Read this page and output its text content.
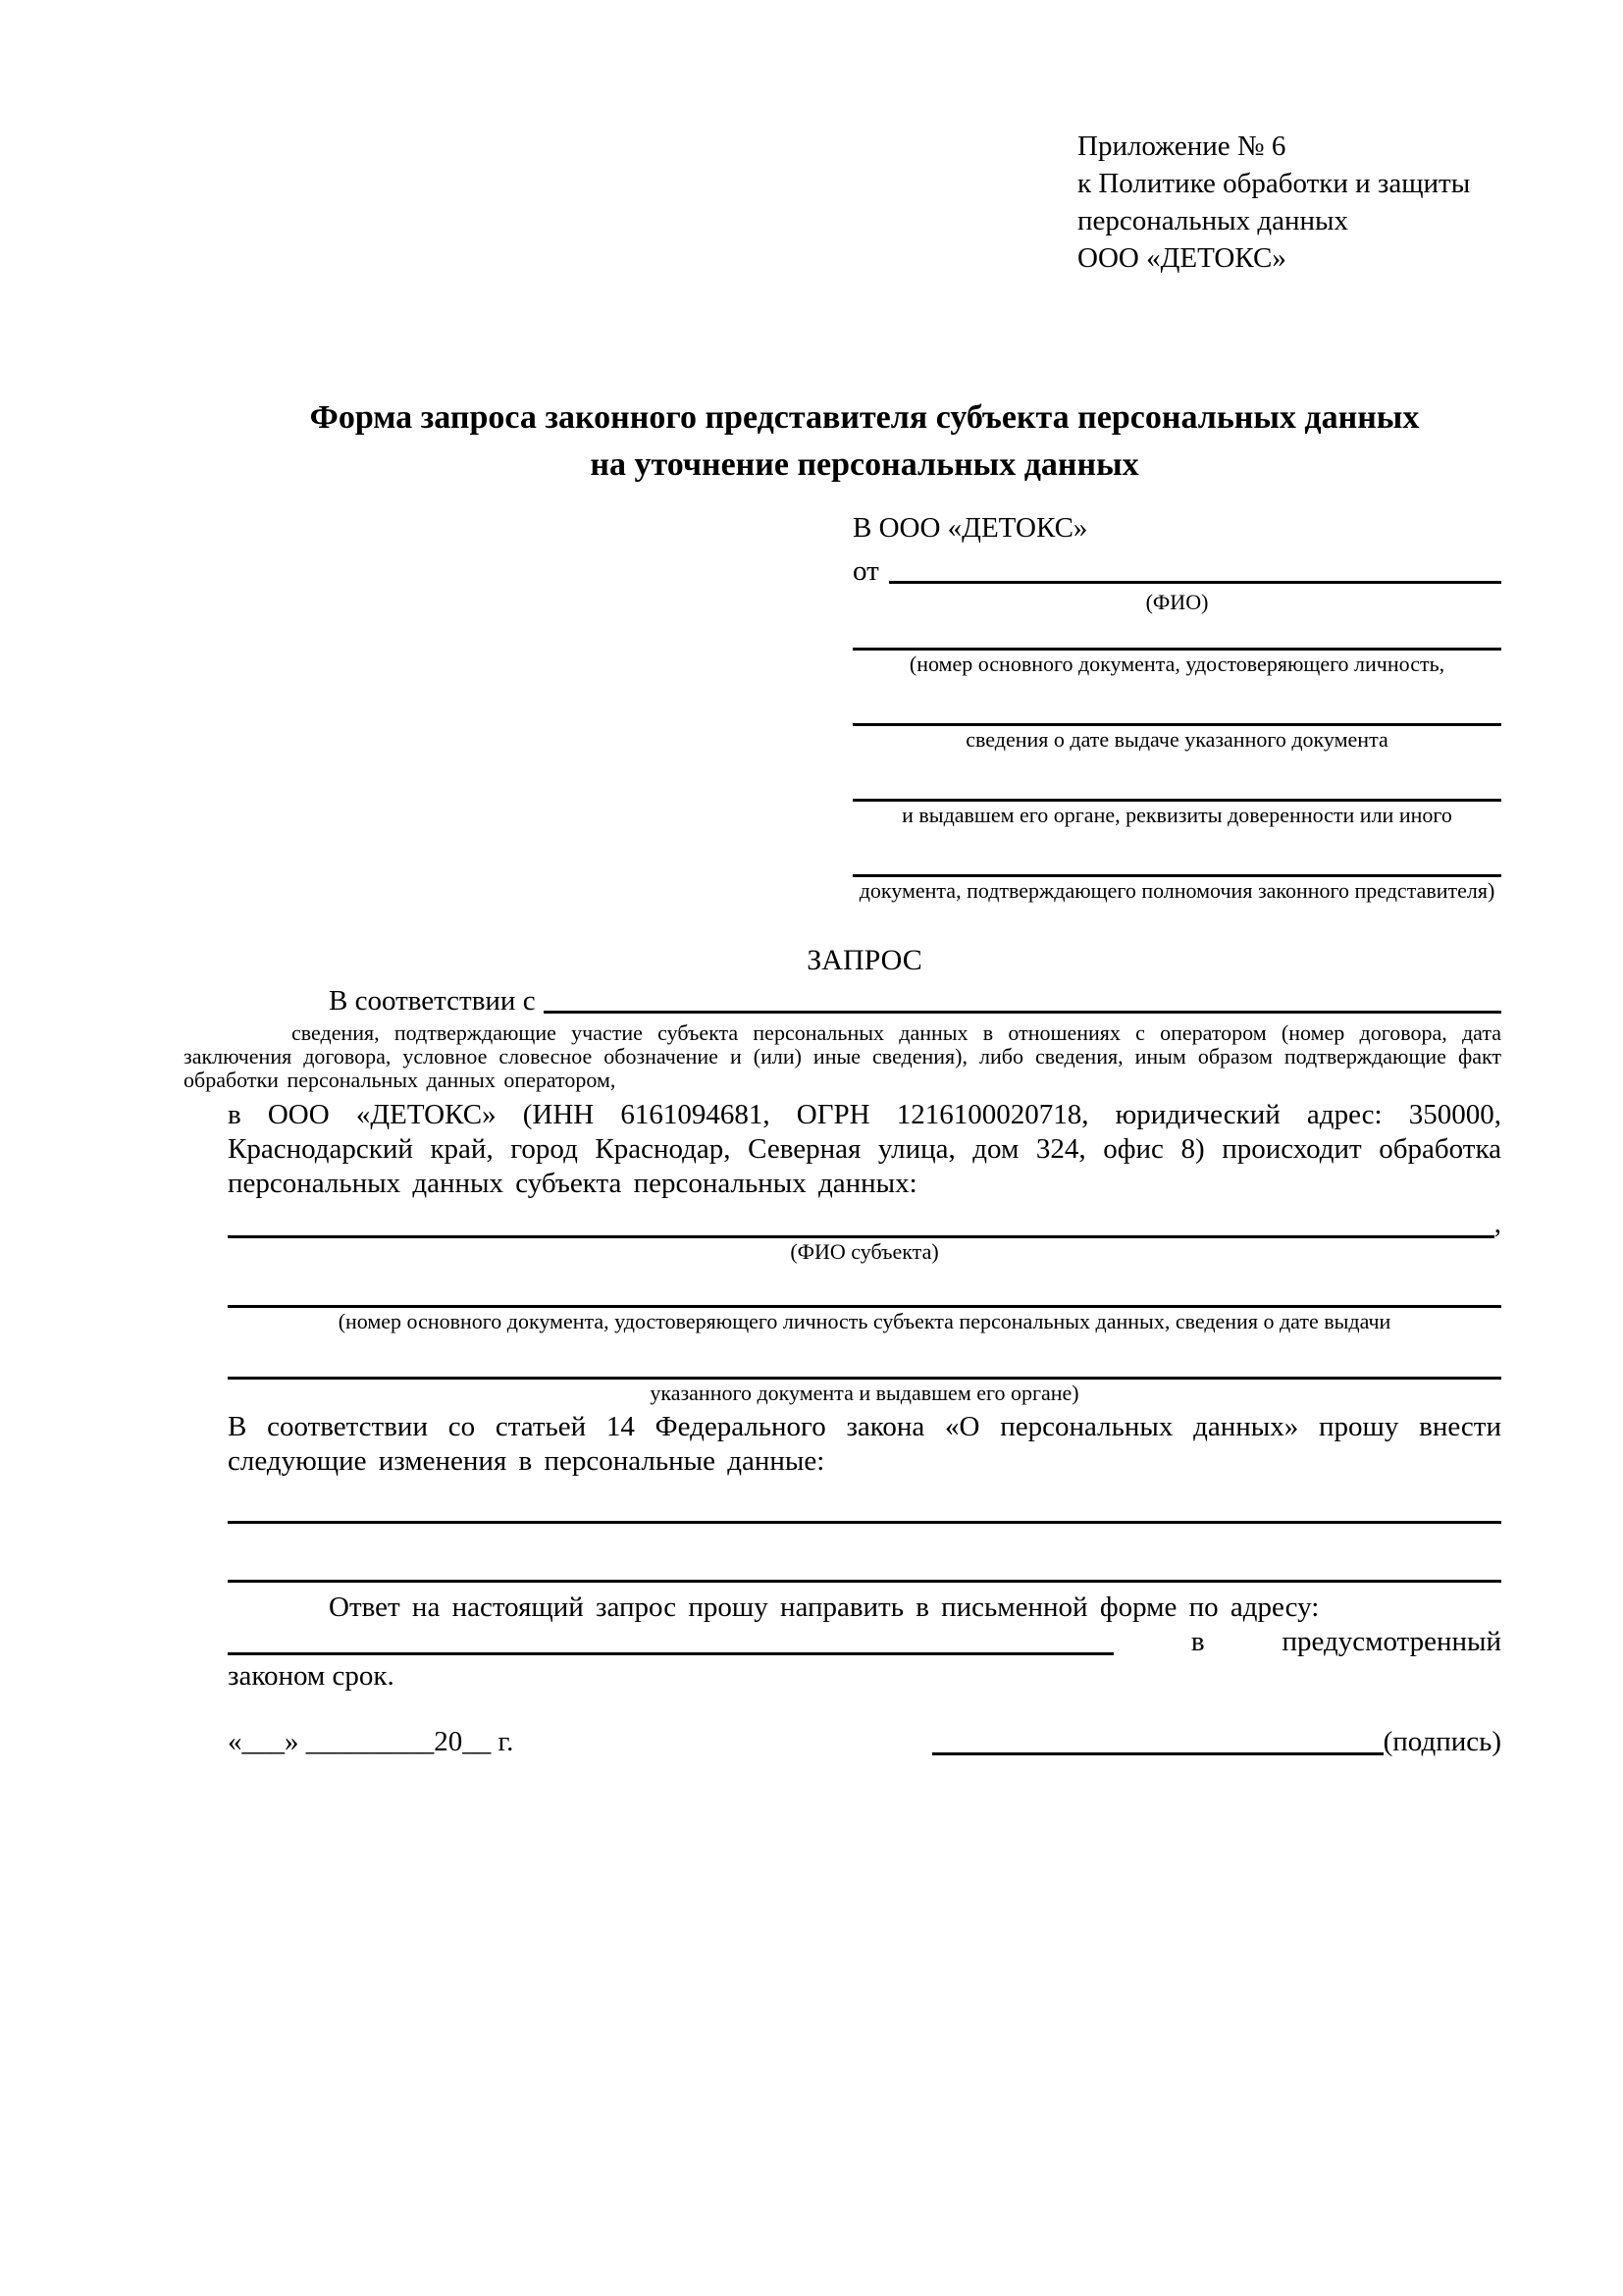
Приложение № 6
к Политике обработки и защиты
персональных данных
ООО «ДЕТОКС»
Форма запроса законного представителя субъекта персональных данных
на уточнение персональных данных
В ООО «ДЕТОКС»
от
(ФИО)
(номер основного документа, удостоверяющего личность,
сведения о дате выдаче указанного документа
и выдавшем его органе, реквизиты доверенности или иного
документа, подтверждающего полномочия законного представителя)
ЗАПРОС
В соответствии с
сведения, подтверждающие участие субъекта персональных данных в отношениях с оператором (номер договора, дата заключения договора, условное словесное обозначение и (или) иные сведения), либо сведения, иным образом подтверждающие факт обработки персональных данных оператором,
в ООО «ДЕТОКС» (ИНН 6161094681, ОГРН 1216100020718, юридический адрес: 350000, Краснодарский край, город Краснодар, Северная улица, дом 324, офис 8) происходит обработка персональных данных субъекта персональных данных:
,
(ФИО субъекта)
(номер основного документа, удостоверяющего личность субъекта персональных данных, сведения о дате выдачи
указанного документа и выдавшем его органе)
В соответствии со статьей 14 Федерального закона «О персональных данных» прошу внести следующие изменения в персональные данные:
Ответ на настоящий запрос прошу направить в письменной форме по адресу:
в	предусмотренный
законом срок.
«___» _________20__ г.	(подпись)
